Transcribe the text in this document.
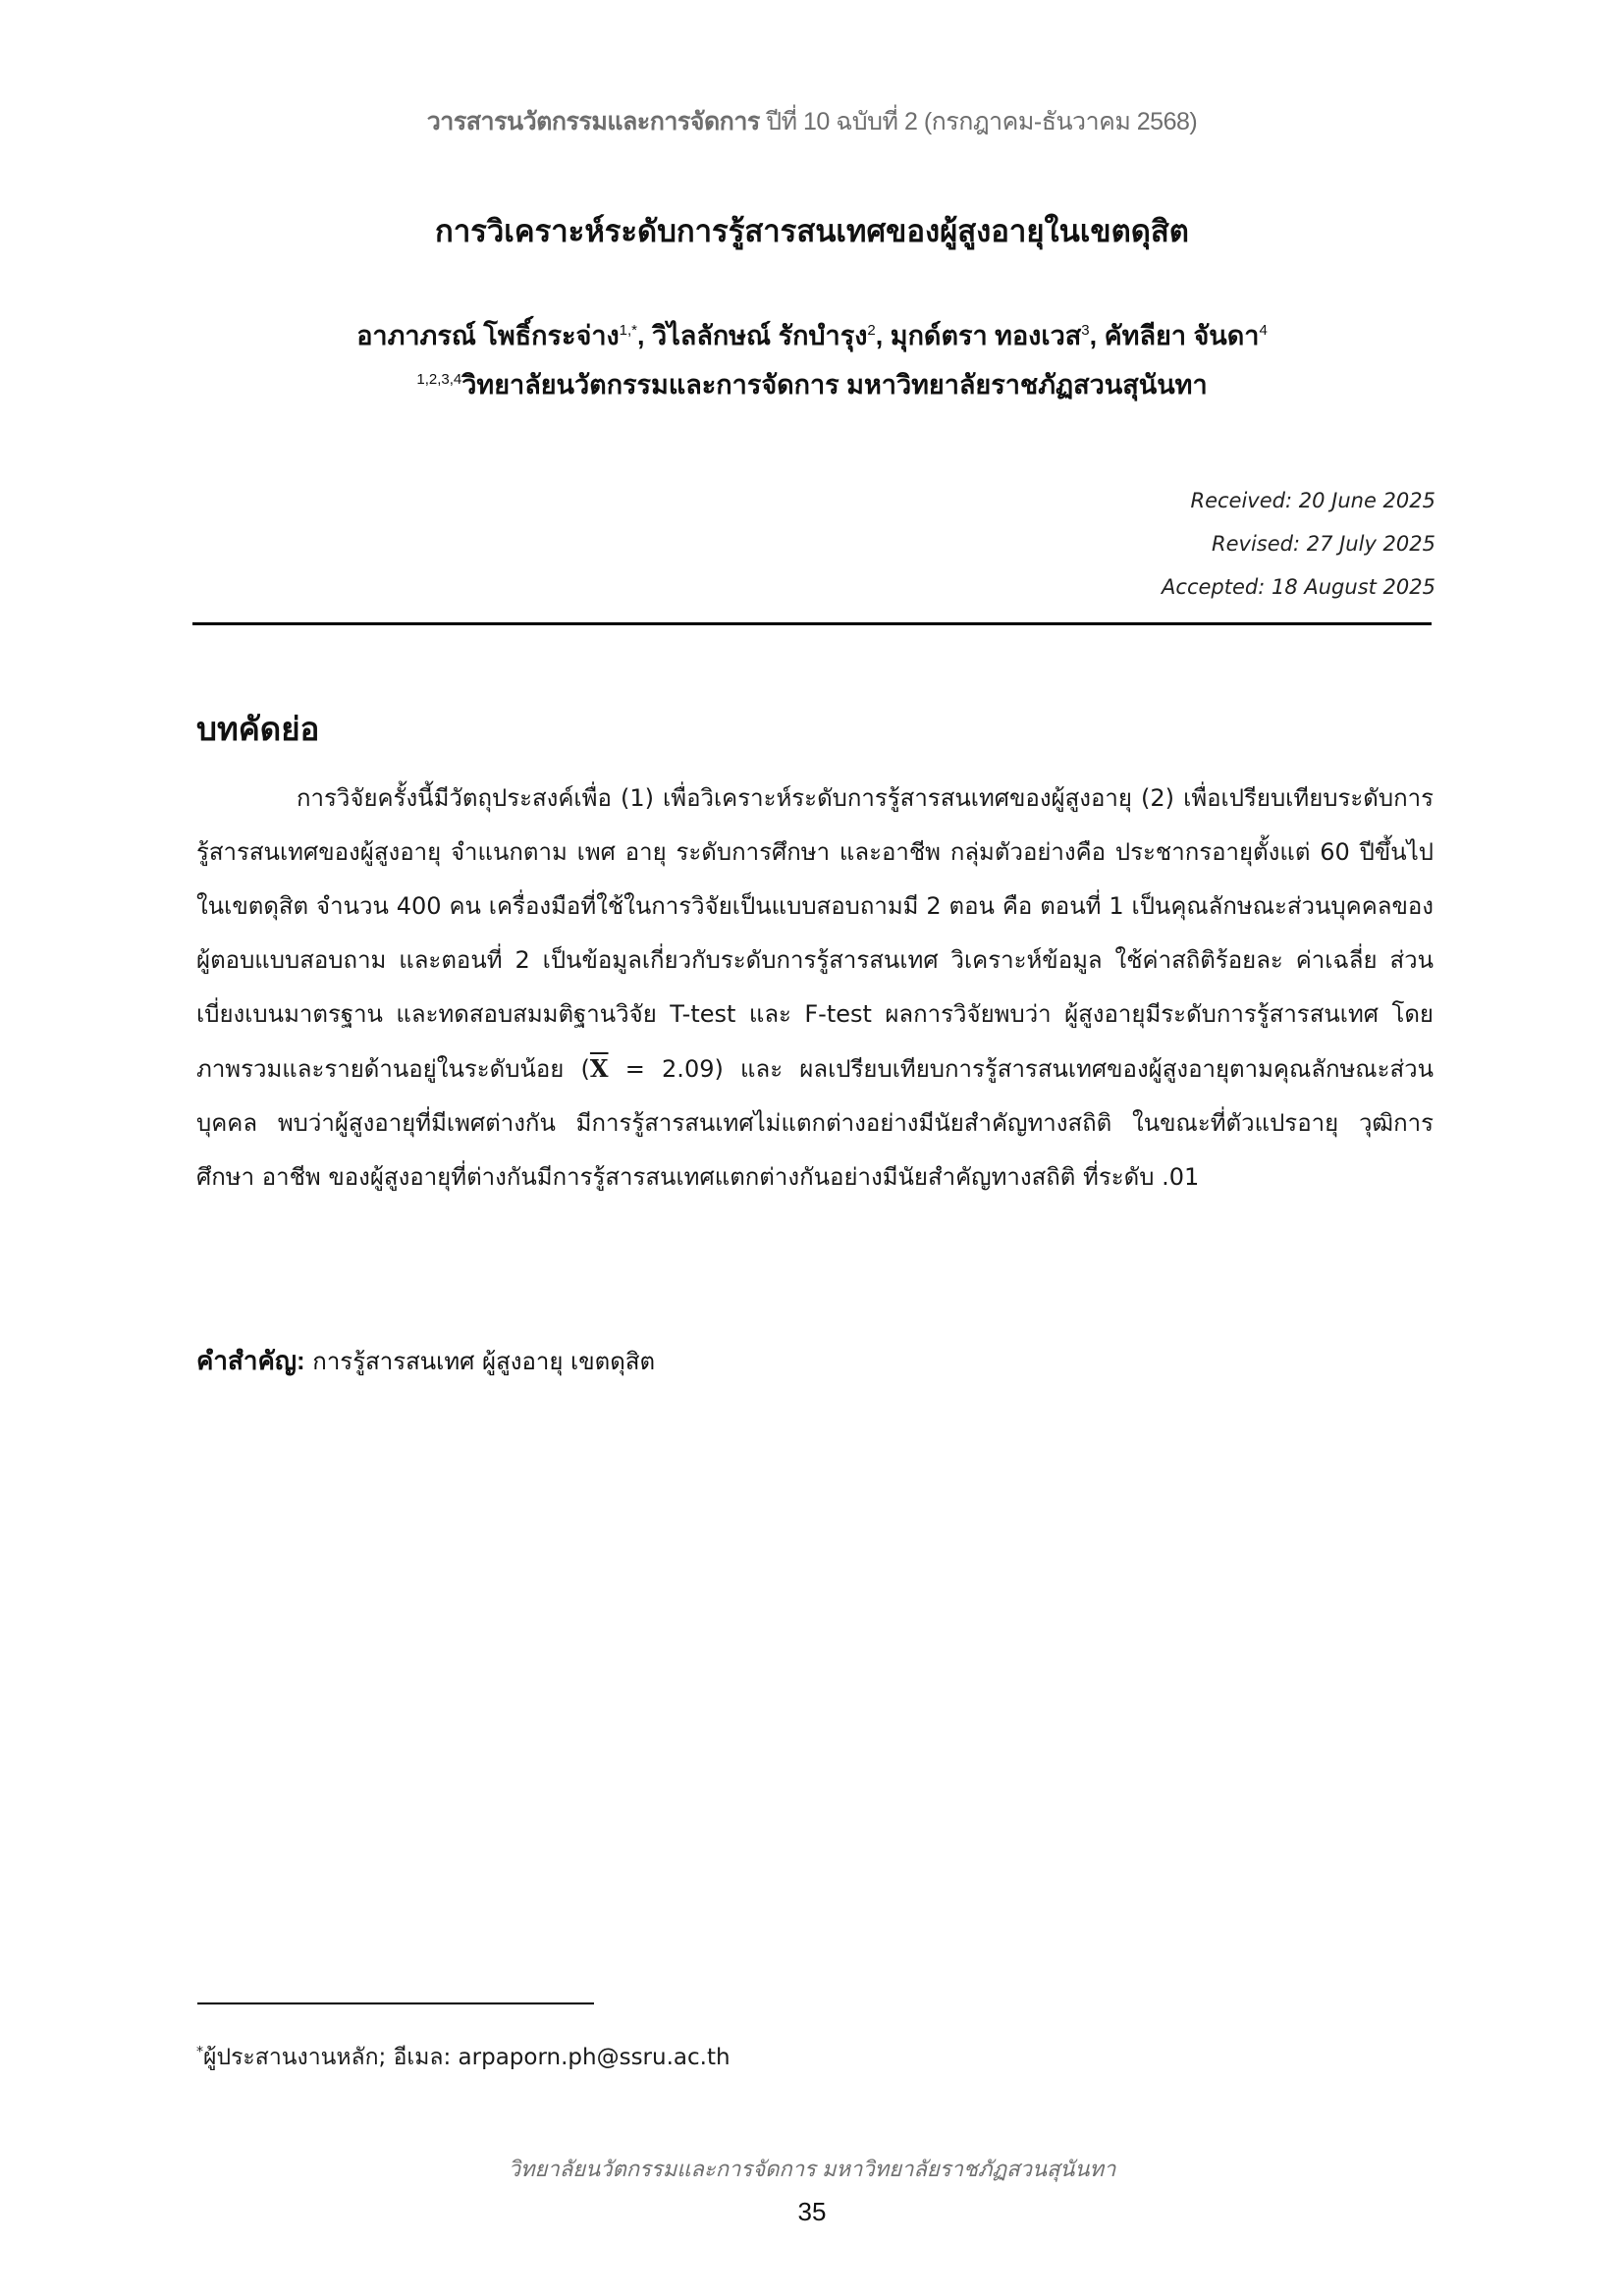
วารสารนวัตกรรมและการจัดการ ปีที่ 10 ฉบับที่ 2 (กรกฎาคม-ธันวาคม 2568)
การวิเคราะห์ระดับการรู้สารสนเทศของผู้สูงอายุในเขตดุสิต
อาภาภรณ์ โพธิ์กระจ่าง$^{1,*}$, วิไลลักษณ์ รักบำรุง$^2$, มุกด์ตรา ทองเวส$^3$, คัทลียา จันดา$^4$
$^{1,2,3,4}$วิทยาลัยนวัตกรรมและการจัดการ มหาวิทยาลัยราชภัฏสวนสุนันทา
Received: 20 June 2025
Revised: 27 July 2025
Accepted: 18 August 2025
บทคัดย่อ
การวิจัยครั้งนี้มีวัตถุประสงค์เพื่อ (1) เพื่อวิเคราะห์ระดับการรู้สารสนเทศของผู้สูงอายุ (2) เพื่อเปรียบเทียบระดับการรู้สารสนเทศของผู้สูงอายุ จำแนกตาม เพศ อายุ ระดับการศึกษา และอาชีพ กลุ่มตัวอย่างคือ ประชากรอายุตั้งแต่ 60 ปีขึ้นไป ในเขตดุสิต จำนวน 400 คน เครื่องมือที่ใช้ในการวิจัยเป็นแบบสอบถามมี 2 ตอน คือ ตอนที่ 1 เป็นคุณลักษณะส่วนบุคคลของผู้ตอบแบบสอบถาม และตอนที่ 2 เป็นข้อมูลเกี่ยวกับระดับการรู้สารสนเทศ วิเคราะห์ข้อมูล ใช้ค่าสถิติร้อยละ ค่าเฉลี่ย ส่วนเบี่ยงเบนมาตรฐาน และทดสอบสมมติฐานวิจัย T-test และ F-test ผลการวิจัยพบว่า ผู้สูงอายุมีระดับการรู้สารสนเทศ โดยภาพรวมและรายด้านอยู่ในระดับน้อย $(\overline{X} = 2.09)$ และ ผลเปรียบเทียบการรู้สารสนเทศของผู้สูงอายุตามคุณลักษณะส่วนบุคคล พบว่าผู้สูงอายุที่มีเพศต่างกัน มีการรู้สารสนเทศไม่แตกต่างอย่างมีนัยสำคัญทางสถิติ ในขณะที่ตัวแปรอายุ วุฒิการศึกษา อาชีพ ของผู้สูงอายุที่ต่างกันมีการรู้สารสนเทศแตกต่างกันอย่างมีนัยสำคัญทางสถิติ ที่ระดับ .01
คำสำคัญ: การรู้สารสนเทศ ผู้สูงอายุ เขตดุสิต
*ผู้ประสานงานหลัก; อีเมล: arpaporn.ph@ssru.ac.th
วิทยาลัยนวัตกรรมและการจัดการ มหาวิทยาลัยราชภัฏสวนสุนันทา
35
